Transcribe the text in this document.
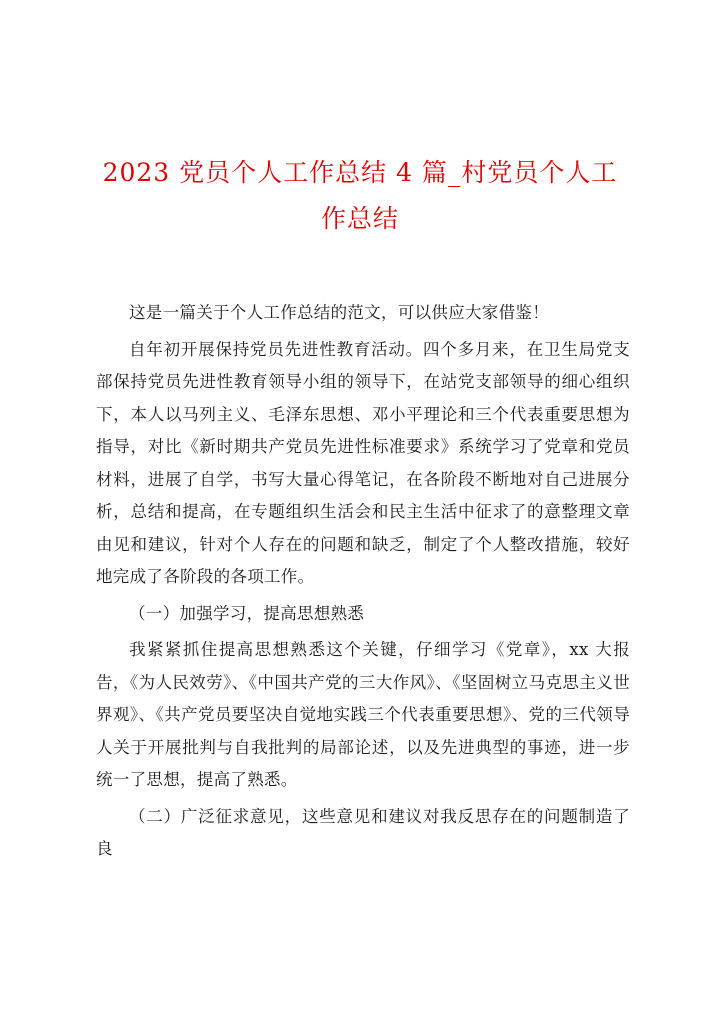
2023 党员个人工作总结 4 篇_村党员个人工作总结

这是一篇关于个人工作总结的范文，可以供应大家借鉴！

自年初开展保持党员先进性教育活动。四个多月来，在卫生局党支部保持党员先进性教育领导小组的领导下，在站党支部领导的细心组织下，本人以马列主义、毛泽东思想、邓小平理论和三个代表重要思想为指导，对比《新时期共产党员先进性标准要求》系统学习了党章和党员材料，进展了自学，书写大量心得笔记，在各阶段不断地对自己进展分析，总结和提高，在专题组织生活会和民主生活中征求了的意整理文章由见和建议，针对个人存在的问题和缺乏，制定了个人整改措施，较好地完成了各阶段的各项工作。

（一）加强学习，提高思想熟悉

我紧紧抓住提高思想熟悉这个关键，仔细学习《党章》，xx 大报告，《为人民效劳》、《中国共产党的三大作风》、《坚固树立马克思主义世界观》、《共产党员要坚决自觉地实践三个代表重要思想》、党的三代领导人关于开展批判与自我批判的局部论述，以及先进典型的事迹，进一步统一了思想，提高了熟悉。

（二）广泛征求意见，这些意见和建议对我反思存在的问题制造了良
